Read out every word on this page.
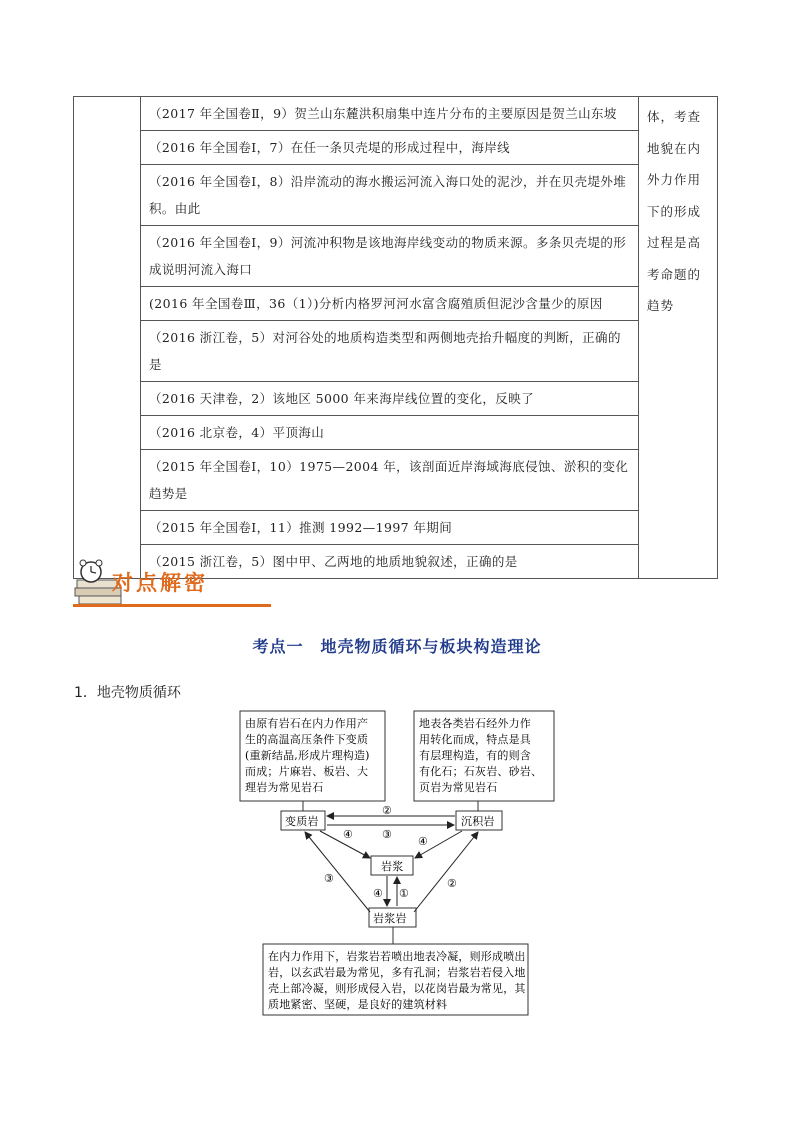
	（2017 年全国卷Ⅱ，9）贺兰山东麓洪积扇集中连片分布的主要原因是贺兰山东坡	体，考查地貌在内外力作用下的形成过程是高考命题的趋势
（2016 年全国卷Ⅰ，7）在任一条贝壳堤的形成过程中，海岸线
（2016 年全国卷Ⅰ，8）沿岸流动的海水搬运河流入海口处的泥沙，并在贝壳堤外堆积。由此
（2016 年全国卷Ⅰ，9）河流冲积物是该地海岸线变动的物质来源。多条贝壳堤的形成说明河流入海口
(2016 年全国卷Ⅲ，36（1）)分析内格罗河河水富含腐殖质但泥沙含量少的原因
（2016 浙江卷，5）对河谷处的地质构造类型和两侧地壳抬升幅度的判断，正确的是
（2016 天津卷，2）该地区 5000 年来海岸线位置的变化，反映了
（2016 北京卷，4）平顶海山
（2015 年全国卷Ⅰ，10）1975—2004 年，该剖面近岸海域海底侵蚀、淤积的变化趋势是
（2015 年全国卷Ⅰ，11）推测 1992—1997 年期间
（2015 浙江卷，5）图中甲、乙两地的地质地貌叙述，正确的是
对点解密
考点一　地壳物质循环与板块构造理论
1．地壳物质循环
由原有岩石在内力作用产
生的高温高压条件下变质
(重新结晶,形成片理构造)
而成；片麻岩、板岩、大
理岩为常见岩石
地表各类岩石经外力作
用转化而成，特点是具
有层理构造，有的则含
有化石；石灰岩、砂岩、
页岩为常见岩石
变质岩	沉积岩
岩浆
岩浆岩
②
③
④
④
③	②
④ ①
在内力作用下，岩浆岩若喷出地表冷凝，则形成喷出
岩，以玄武岩最为常见，多有孔洞；岩浆岩若侵入地
壳上部冷凝，则形成侵入岩，以花岗岩最为常见，其
质地紧密、坚硬，是良好的建筑材料
